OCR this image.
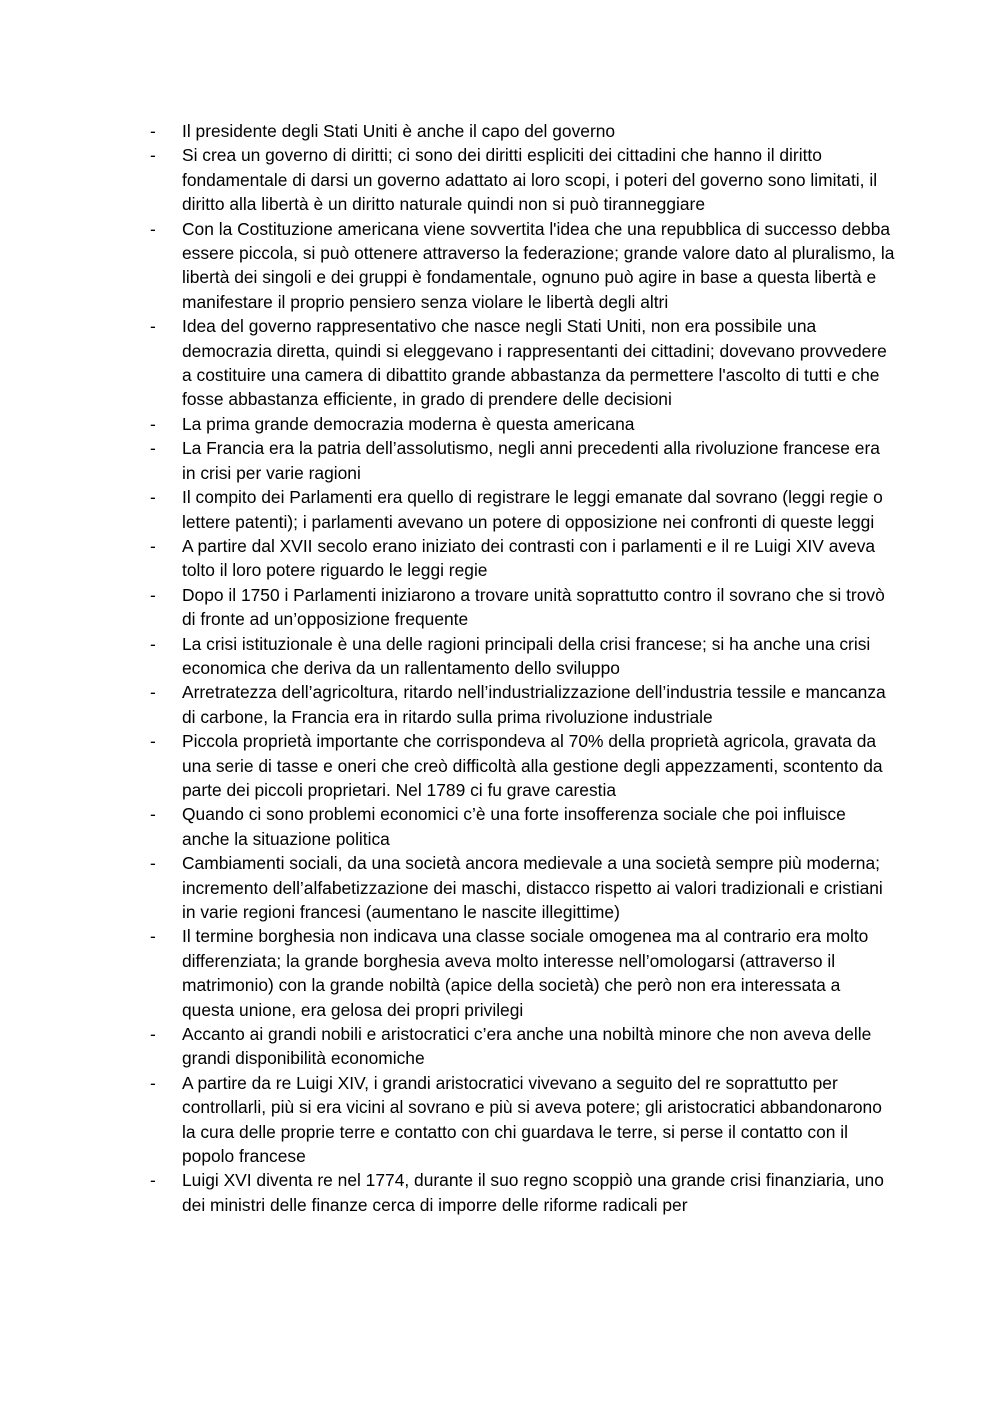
-	Il presidente degli Stati Uniti è anche il capo del governo
-	Si crea un governo di diritti; ci sono dei diritti espliciti dei cittadini che hanno il diritto fondamentale di darsi un governo adattato ai loro scopi, i poteri del governo sono limitati, il diritto alla libertà è un diritto naturale quindi non si può tiranneggiare
-	Con la Costituzione americana viene sovvertita l'idea che una repubblica di successo debba essere piccola, si può ottenere attraverso la federazione; grande valore dato al pluralismo, la libertà dei singoli e dei gruppi è fondamentale, ognuno può agire in base a questa libertà e manifestare il proprio pensiero senza violare le libertà degli altri
-	Idea del governo rappresentativo che nasce negli Stati Uniti, non era possibile una democrazia diretta, quindi si eleggevano i rappresentanti dei cittadini; dovevano provvedere a costituire una camera di dibattito grande abbastanza da permettere l'ascolto di tutti e che fosse abbastanza efficiente, in grado di prendere delle decisioni
-	La prima grande democrazia moderna è questa americana
-	La Francia era la patria dell’assolutismo, negli anni precedenti alla rivoluzione francese era in crisi per varie ragioni
-	Il compito dei Parlamenti era quello di registrare le leggi emanate dal sovrano (leggi regie o lettere patenti); i parlamenti avevano un potere di opposizione nei confronti di queste leggi
-	A partire dal XVII secolo erano iniziato dei contrasti con i parlamenti e il re Luigi XIV aveva tolto il loro potere riguardo le leggi regie
-	Dopo il 1750 i Parlamenti iniziarono a trovare unità soprattutto contro il sovrano che si trovò di fronte ad un’opposizione frequente
-	La crisi istituzionale è una delle ragioni principali della crisi francese; si ha anche una crisi economica che deriva da un rallentamento dello sviluppo
-	Arretratezza dell’agricoltura, ritardo nell’industrializzazione dell’industria tessile e mancanza di carbone, la Francia era in ritardo sulla prima rivoluzione industriale
-	Piccola proprietà importante che corrispondeva al 70% della proprietà agricola, gravata da una serie di tasse e oneri che creò difficoltà alla gestione degli appezzamenti, scontento da parte dei piccoli proprietari. Nel 1789 ci fu grave carestia
-	Quando ci sono problemi economici c’è una forte insofferenza sociale che poi influisce anche la situazione politica
-	Cambiamenti sociali, da una società ancora medievale a una società sempre più moderna; incremento dell’alfabetizzazione dei maschi, distacco rispetto ai valori tradizionali e cristiani in varie regioni francesi (aumentano le nascite illegittime)
-	Il termine borghesia non indicava una classe sociale omogenea ma al contrario era molto differenziata; la grande borghesia aveva molto interesse nell’omologarsi (attraverso il matrimonio) con la grande nobiltà (apice della società) che però non era interessata a questa unione, era gelosa dei propri privilegi
-	Accanto ai grandi nobili e aristocratici c’era anche una nobiltà minore che non aveva delle grandi disponibilità economiche
-	A partire da re Luigi XIV, i grandi aristocratici vivevano a seguito del re soprattutto per controllarli, più si era vicini al sovrano e più si aveva potere; gli aristocratici abbandonarono la cura delle proprie terre e contatto con chi guardava le terre, si perse il contatto con il popolo francese
-	Luigi XVI diventa re nel 1774, durante il suo regno scoppiò una grande crisi finanziaria, uno dei ministri delle finanze cerca di imporre delle riforme radicali per
